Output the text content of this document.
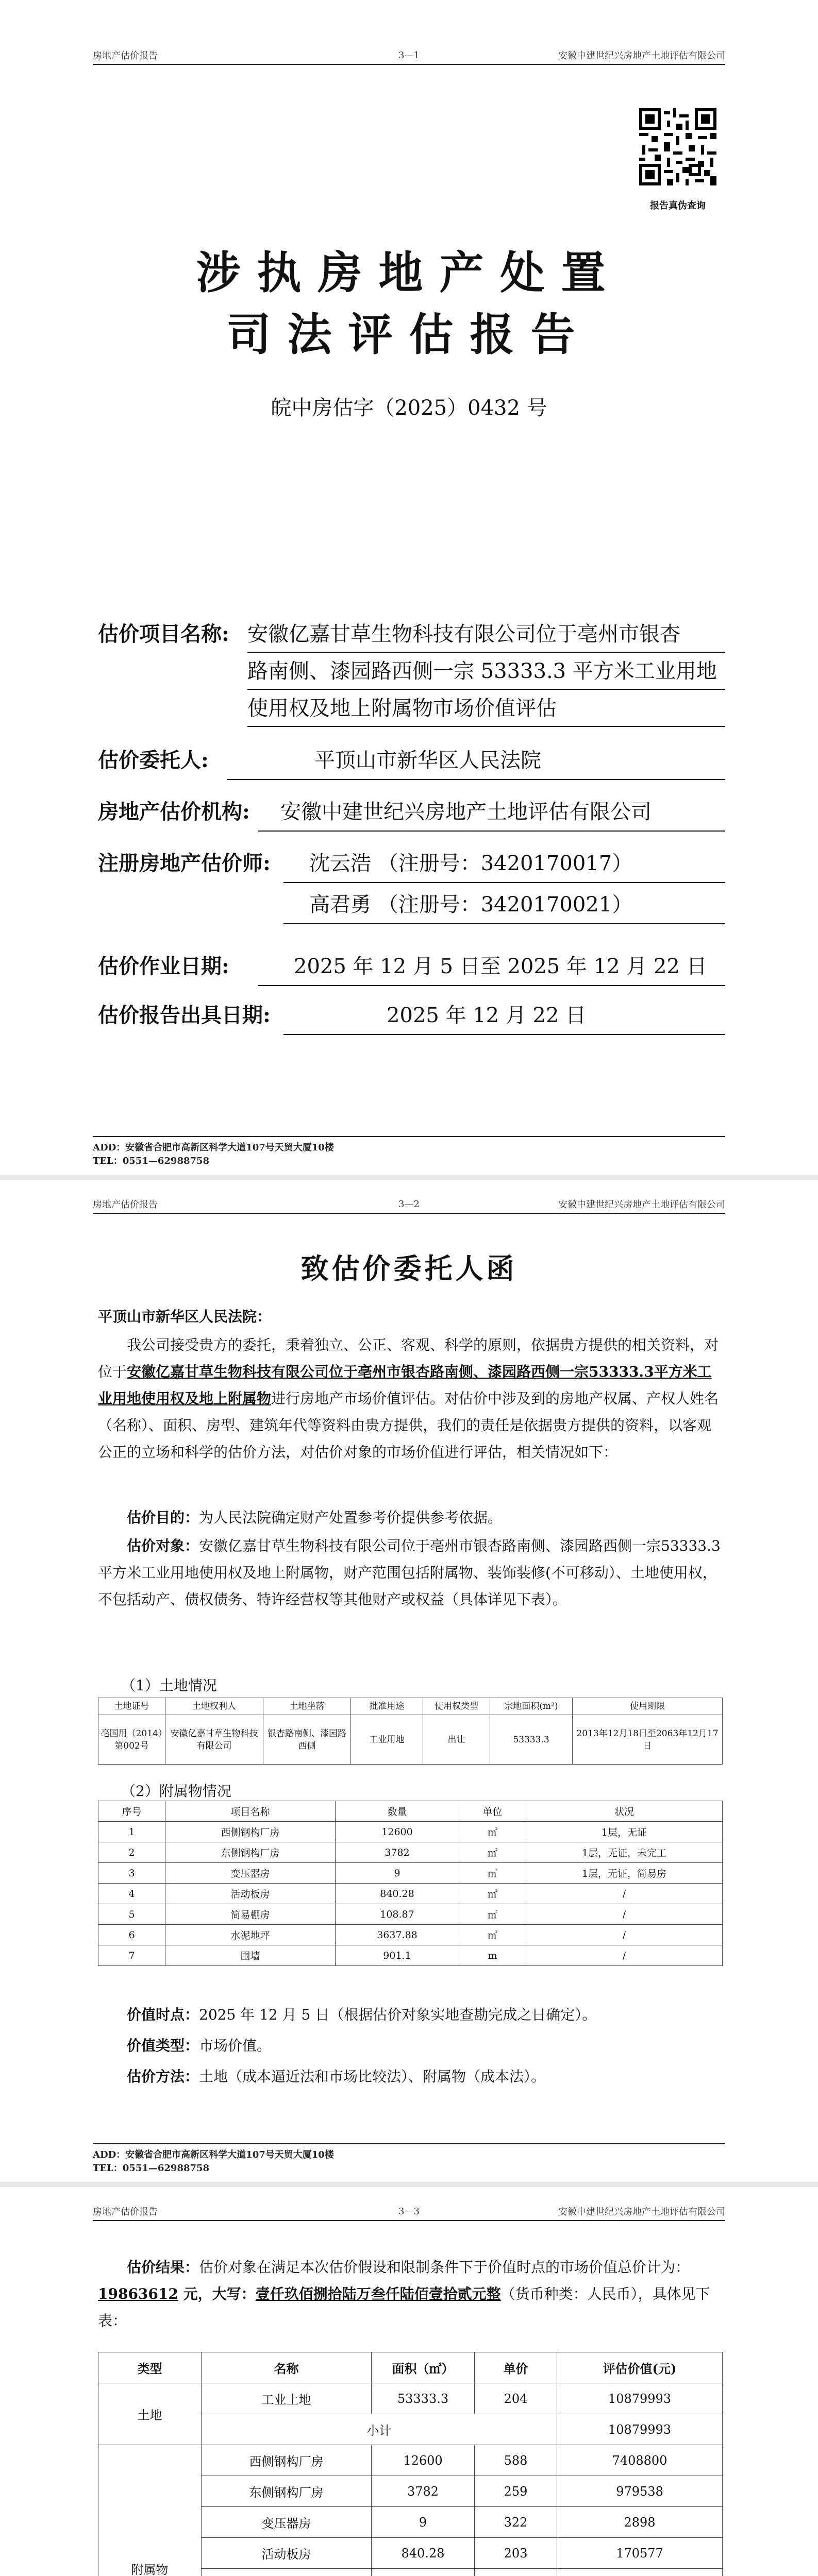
房地产估价报告	3—1	安徽中建世纪兴房地产土地评估有限公司
报告真伪查询
涉执房地产处置
司法评估报告
皖中房估字（2025）0432 号
估价项目名称: 安徽亿嘉甘草生物科技有限公司位于亳州市银杏
路南侧、漆园路西侧一宗 53333.3 平方米工业用地
使用权及地上附属物市场价值评估
估价委托人:	平顶山市新华区人民法院
房地产估价机构:	安徽中建世纪兴房地产土地评估有限公司
注册房地产估价师:	沈云浩 （注册号：3420170017）
高君勇 （注册号：3420170021）
估价作业日期:	2025 年 12 月 5 日至 2025 年 12 月 22 日
估价报告出具日期:	2025 年 12 月 22 日
ADD：安徽省合肥市高新区科学大道107号天贸大厦10楼
TEL：0551—62988758
房地产估价报告	3—2	安徽中建世纪兴房地产土地评估有限公司
致估价委托人函
平顶山市新华区人民法院：
我公司接受贵方的委托，秉着独立、公正、客观、科学的原则，依据贵方提供的相关资料，对位于安徽亿嘉甘草生物科技有限公司位于亳州市银杏路南侧、漆园路西侧一宗53333.3平方米工业用地使用权及地上附属物进行房地产市场价值评估。对估价中涉及到的房地产权属、产权人姓名（名称）、面积、房型、建筑年代等资料由贵方提供，我们的责任是依据贵方提供的资料，以客观公正的立场和科学的估价方法，对估价对象的市场价值进行评估，相关情况如下：
估价目的：为人民法院确定财产处置参考价提供参考依据。
估价对象：安徽亿嘉甘草生物科技有限公司位于亳州市银杏路南侧、漆园路西侧一宗53333.3平方米工业用地使用权及地上附属物，财产范围包括附属物、装饰装修(不可移动）、土地使用权，不包括动产、债权债务、特许经营权等其他财产或权益（具体详见下表）。
（1）土地情况
土地证号	土地权利人	土地坐落	批准用途	使用权类型	宗地面积(m²)	使用期限
亳国用（2014）第002号	安徽亿嘉甘草生物科技有限公司	银杏路南侧、漆园路西侧	工业用地	出让	53333.3	2013年12月18日至2063年12月17日
（2）附属物情况
序号	项目名称	数量	单位	状况
1	西侧钢构厂房	12600	㎡	1层，无证
2	东侧钢构厂房	3782	㎡	1层，无证，未完工
3	变压器房	9	㎡	1层，无证，简易房
4	活动板房	840.28	㎡	/
5	简易棚房	108.87	㎡	/
6	水泥地坪	3637.88	㎡	/
7	围墙	901.1	m	/
价值时点：2025 年 12 月 5 日（根据估价对象实地查勘完成之日确定）。
价值类型：市场价值。
估价方法：土地（成本逼近法和市场比较法）、附属物（成本法）。
ADD：安徽省合肥市高新区科学大道107号天贸大厦10楼
TEL：0551—62988758
房地产估价报告	3—3	安徽中建世纪兴房地产土地评估有限公司
估价结果：估价对象在满足本次估价假设和限制条件下于价值时点的市场价值总价计为：19863612 元，大写：壹仟玖佰捌拾陆万叁仟陆佰壹拾贰元整（货币种类：人民币），具体见下表：
类型	名称	面积（㎡）	单价	评估价值(元)
土地	工业土地	53333.3	204	10879993
	小计			10879993
附属物	西侧钢构厂房	12600	588	7408800
	东侧钢构厂房	3782	259	979538
	变压器房	9	322	2898
	活动板房	840.28	203	170577
